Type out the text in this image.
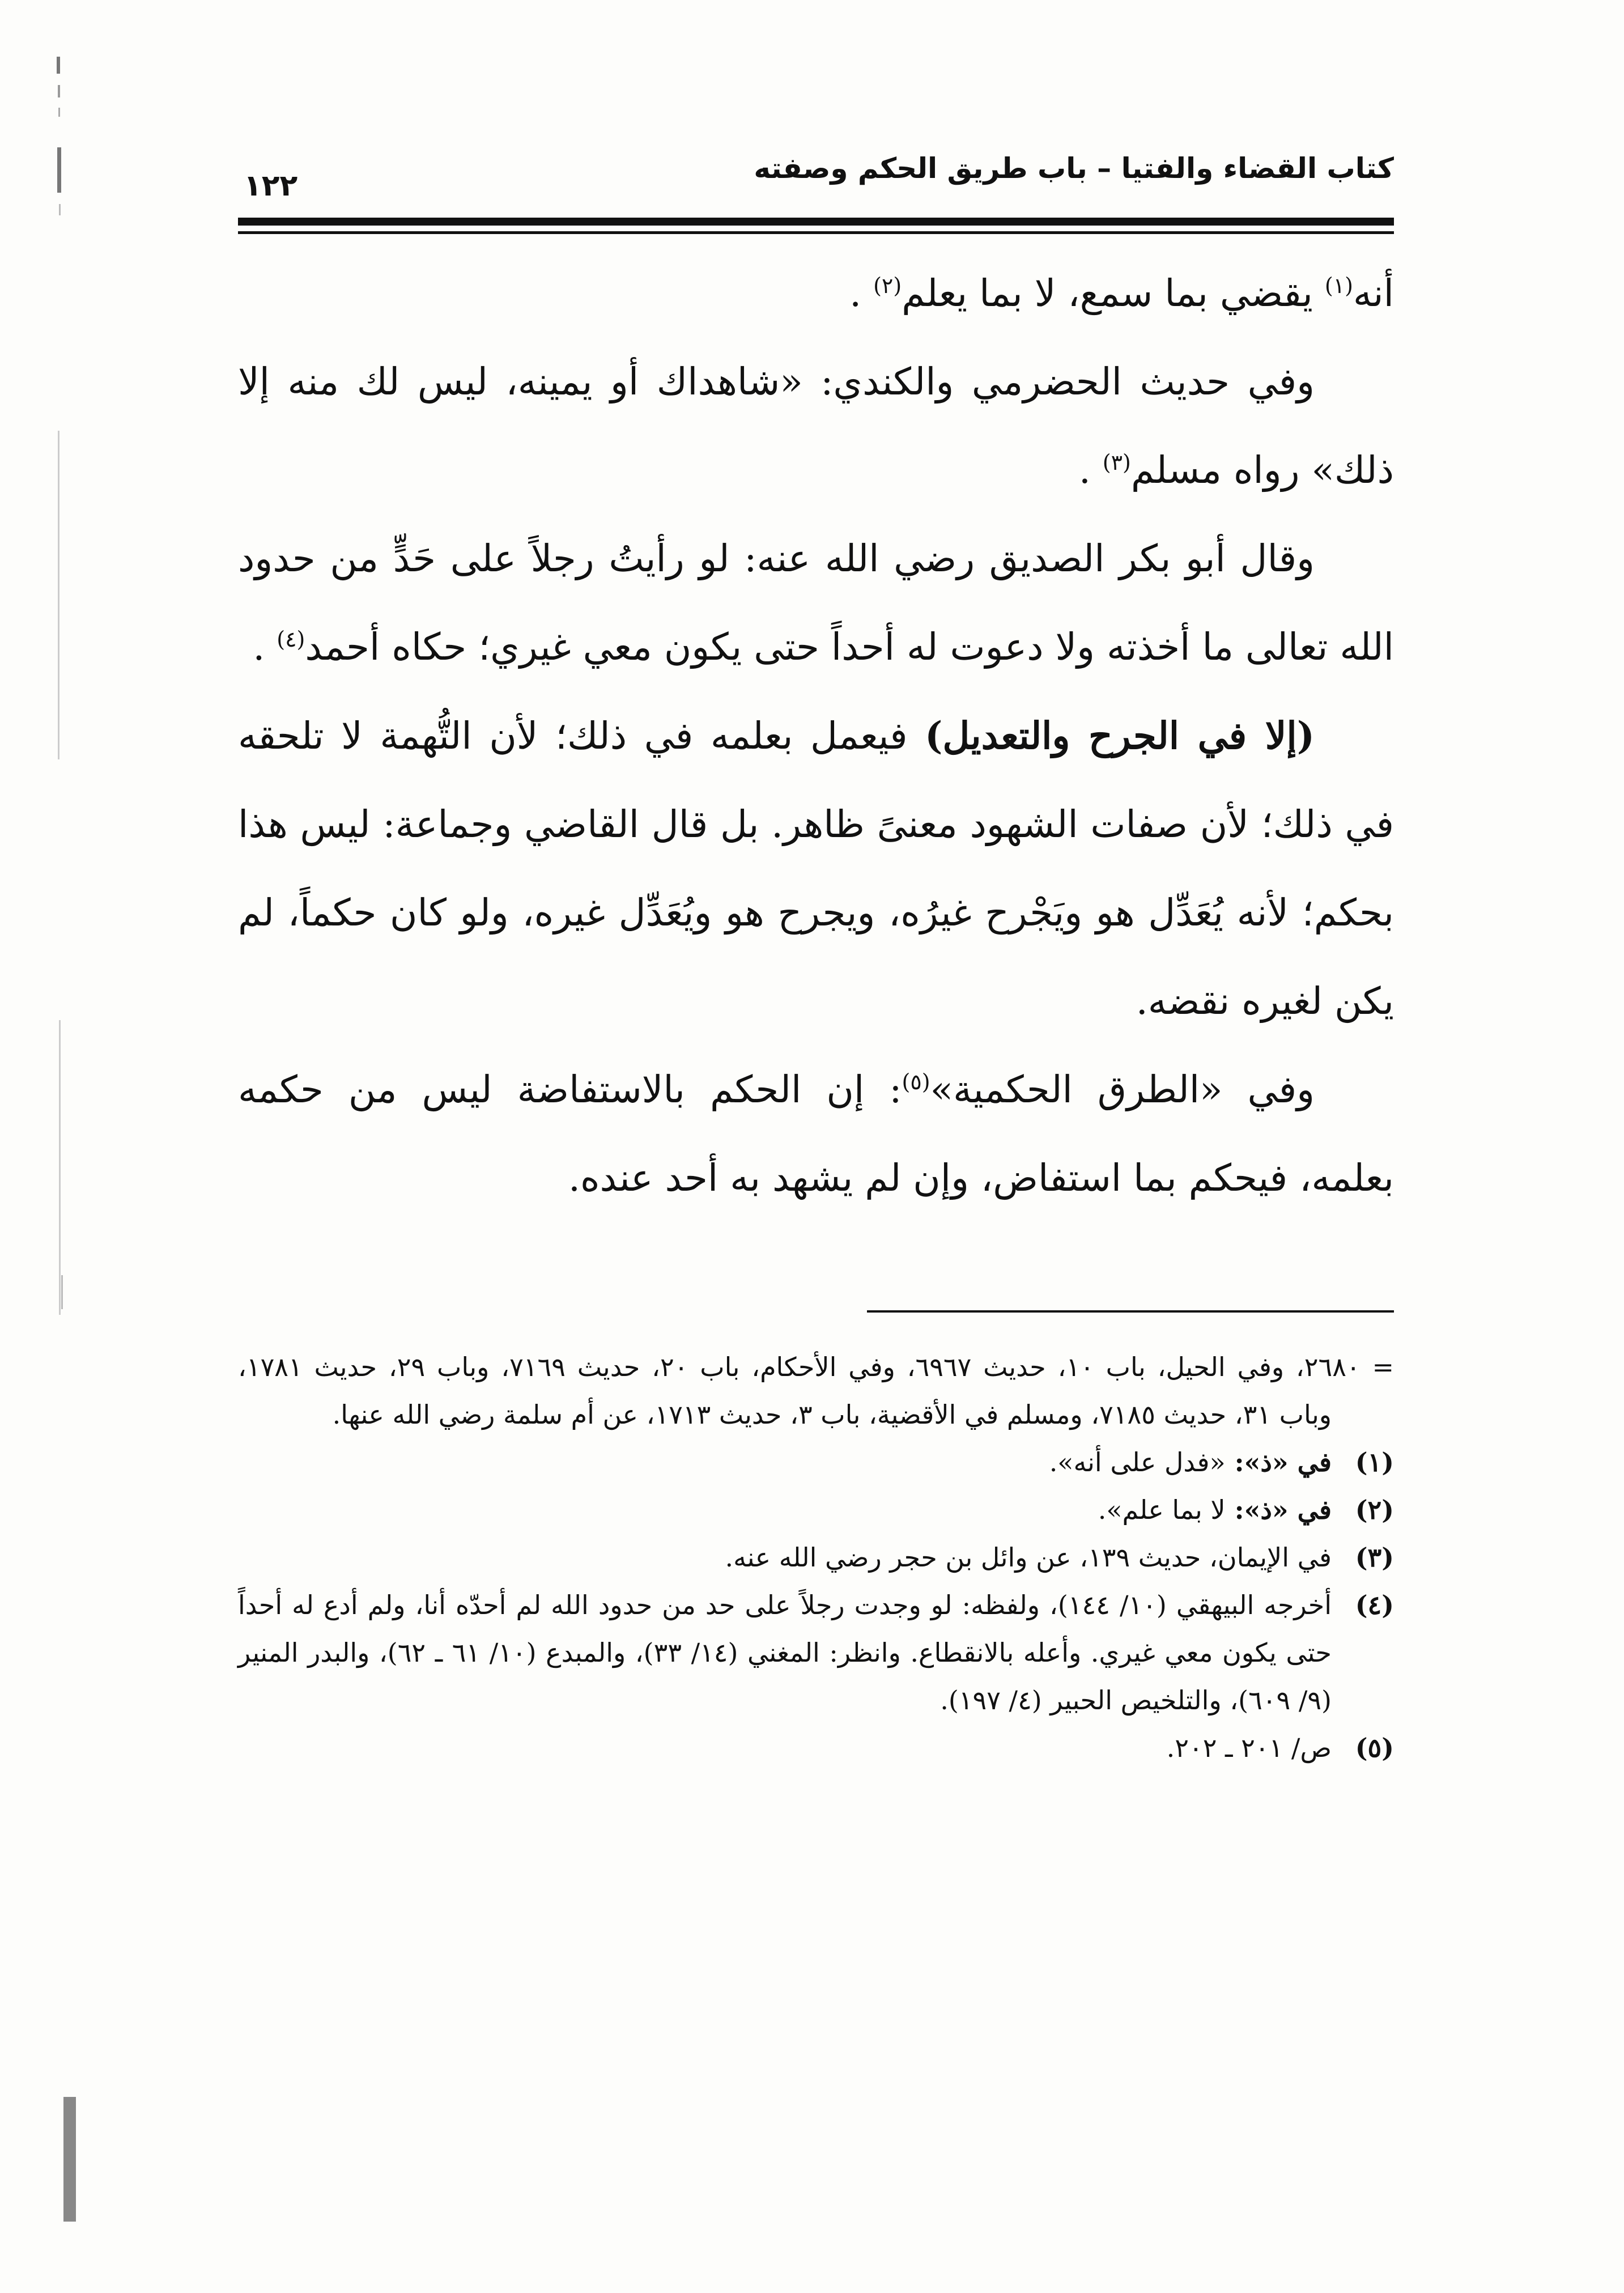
كتاب القضاء والفتيا – باب طريق الحكم وصفته
١٢٢

أنه$^{(١)}$ يقضي بما سمع، لا بما يعلم$^{(٢)}$ .

وفي حديث الحضرمي والكندي: «شاهداك أو يمينه، ليس لك منه إلا ذلك» رواه مسلم$^{(٣)}$ .

وقال أبو بكر الصديق رضي الله عنه: لو رأيتُ رجلاً على حَدٍّ من حدود الله تعالى ما أخذته ولا دعوت له أحداً حتى يكون معي غيري؛ حكاه أحمد$^{(٤)}$ .

(إلا في الجرح والتعديل) فيعمل بعلمه في ذلك؛ لأن التُّهمة لا تلحقه في ذلك؛ لأن صفات الشهود معنىً ظاهر. بل قال القاضي وجماعة: ليس هذا بحكم؛ لأنه يُعَدِّل هو ويَجْرح غيرُه، ويجرح هو ويُعَدِّل غيره، ولو كان حكماً، لم يكن لغيره نقضه.

وفي «الطرق الحكمية»$^{(٥)}$: إن الحكم بالاستفاضة ليس من حكمه بعلمه، فيحكم بما استفاض، وإن لم يشهد به أحد عنده.

= ٢٦٨٠، وفي الحيل، باب ١٠، حديث ٦٩٦٧، وفي الأحكام، باب ٢٠، حديث ٧١٦٩، وباب ٢٩، حديث ١٧٨١، وباب ٣١، حديث ٧١٨٥، ومسلم في الأقضية، باب ٣، حديث ١٧١٣، عن أم سلمة رضي الله عنها.

(١)في «ذ»: «فدل على أنه».

(٢)في «ذ»: لا بما علم».

(٣)في الإيمان، حديث ١٣٩، عن وائل بن حجر رضي الله عنه.

(٤)أخرجه البيهقي (١٠/ ١٤٤)، ولفظه: لو وجدت رجلاً على حد من حدود الله لم أحدّه أنا، ولم أدع له أحداً حتى يكون معي غيري. وأعله بالانقطاع. وانظر: المغني (١٤/ ٣٣)، والمبدع (١٠/ ٦١ ـ ٦٢)، والبدر المنير (٩/ ٦٠٩)، والتلخيص الحبير (٤/ ١٩٧).

(٥)ص/ ٢٠١ ـ ٢٠٢.
